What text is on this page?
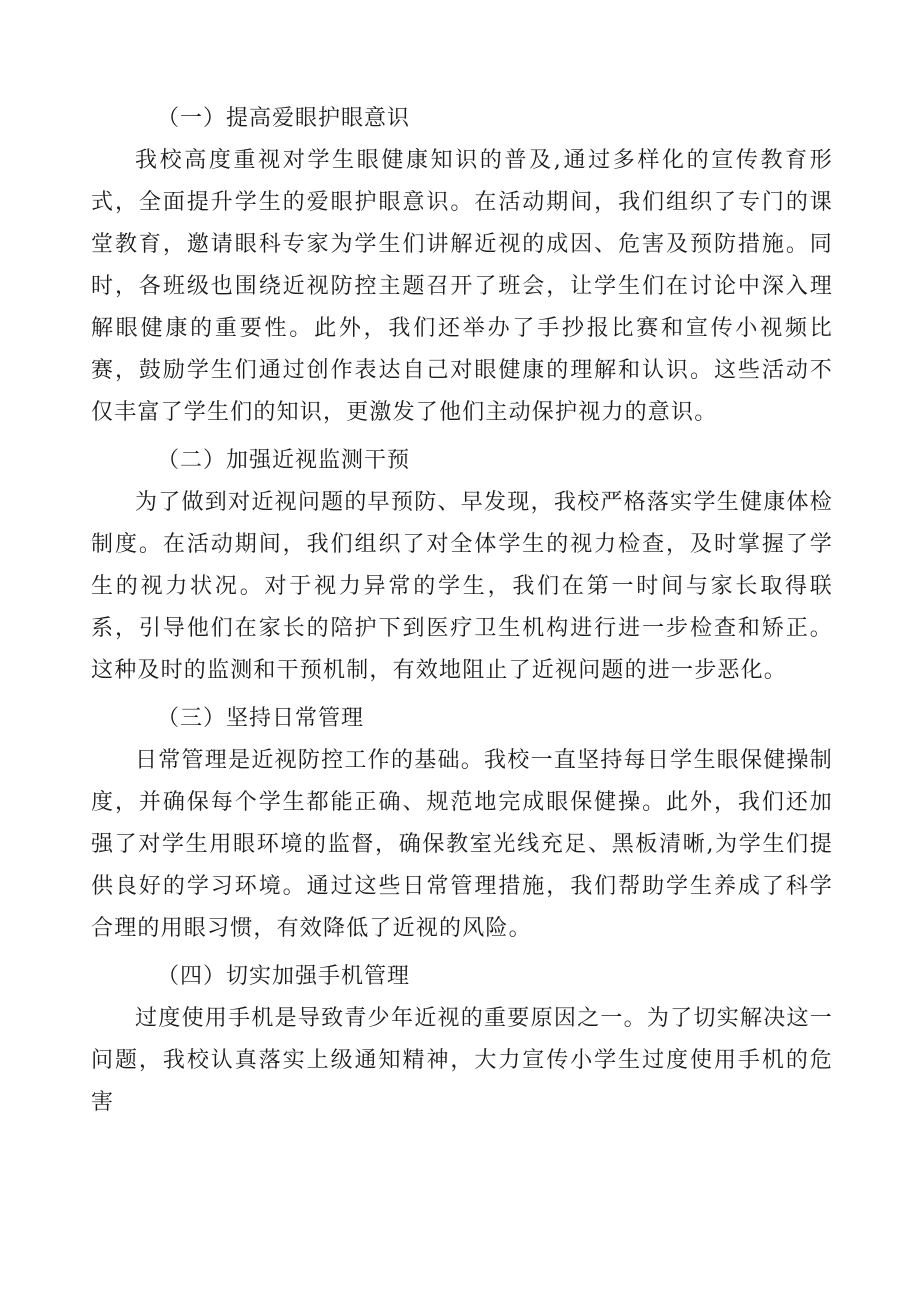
（一）提高爱眼护眼意识

我校高度重视对学生眼健康知识的普及,通过多样化的宣传教育形式，全面提升学生的爱眼护眼意识。在活动期间，我们组织了专门的课堂教育，邀请眼科专家为学生们讲解近视的成因、危害及预防措施。同时，各班级也围绕近视防控主题召开了班会，让学生们在讨论中深入理解眼健康的重要性。此外，我们还举办了手抄报比赛和宣传小视频比赛，鼓励学生们通过创作表达自己对眼健康的理解和认识。这些活动不仅丰富了学生们的知识，更激发了他们主动保护视力的意识。

（二）加强近视监测干预

为了做到对近视问题的早预防、早发现，我校严格落实学生健康体检制度。在活动期间，我们组织了对全体学生的视力检查，及时掌握了学生的视力状况。对于视力异常的学生，我们在第一时间与家长取得联系，引导他们在家长的陪护下到医疗卫生机构进行进一步检查和矫正。这种及时的监测和干预机制，有效地阻止了近视问题的进一步恶化。

（三）坚持日常管理

日常管理是近视防控工作的基础。我校一直坚持每日学生眼保健操制度，并确保每个学生都能正确、规范地完成眼保健操。此外，我们还加强了对学生用眼环境的监督，确保教室光线充足、黑板清晰,为学生们提供良好的学习环境。通过这些日常管理措施，我们帮助学生养成了科学合理的用眼习惯，有效降低了近视的风险。

（四）切实加强手机管理

过度使用手机是导致青少年近视的重要原因之一。为了切实解决这一问题，我校认真落实上级通知精神，大力宣传小学生过度使用手机的危害
